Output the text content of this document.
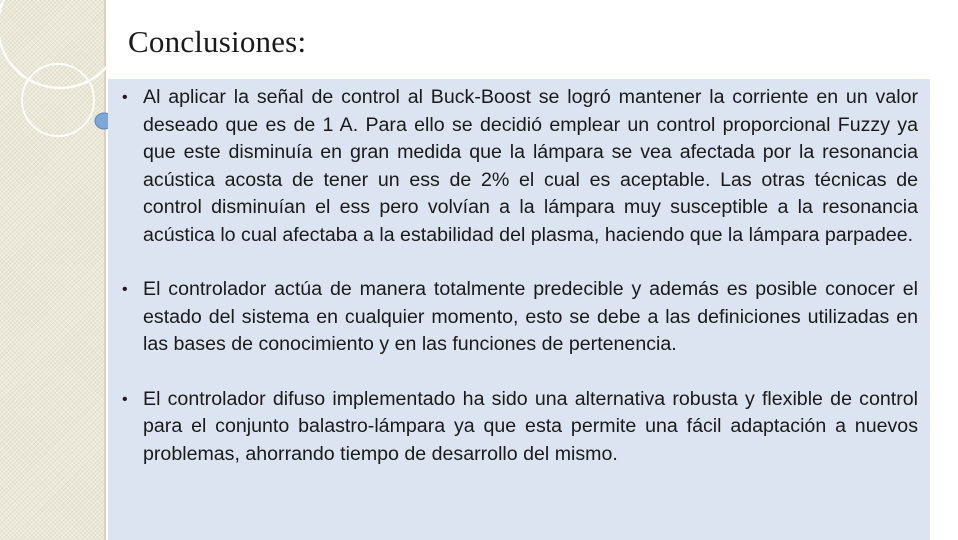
Conclusiones:
• Al aplicar la señal de control al Buck-Boost se logró mantener la corriente en un valor deseado que es de 1 A. Para ello se decidió emplear un control proporcional Fuzzy ya que este disminuía en gran medida que la lámpara se vea afectada por la resonancia acústica acosta de tener un ess de 2% el cual es aceptable. Las otras técnicas de control disminuían el ess pero volvían a la lámpara muy susceptible a la resonancia acústica lo cual afectaba a la estabilidad del plasma, haciendo que la lámpara parpadee.
• El controlador actúa de manera totalmente predecible y además es posible conocer el estado del sistema en cualquier momento, esto se debe a las definiciones utilizadas en las bases de conocimiento y en las funciones de pertenencia.
• El controlador difuso implementado ha sido una alternativa robusta y flexible de control para el conjunto balastro-lámpara ya que esta permite una fácil adaptación a nuevos problemas, ahorrando tiempo de desarrollo del mismo.
